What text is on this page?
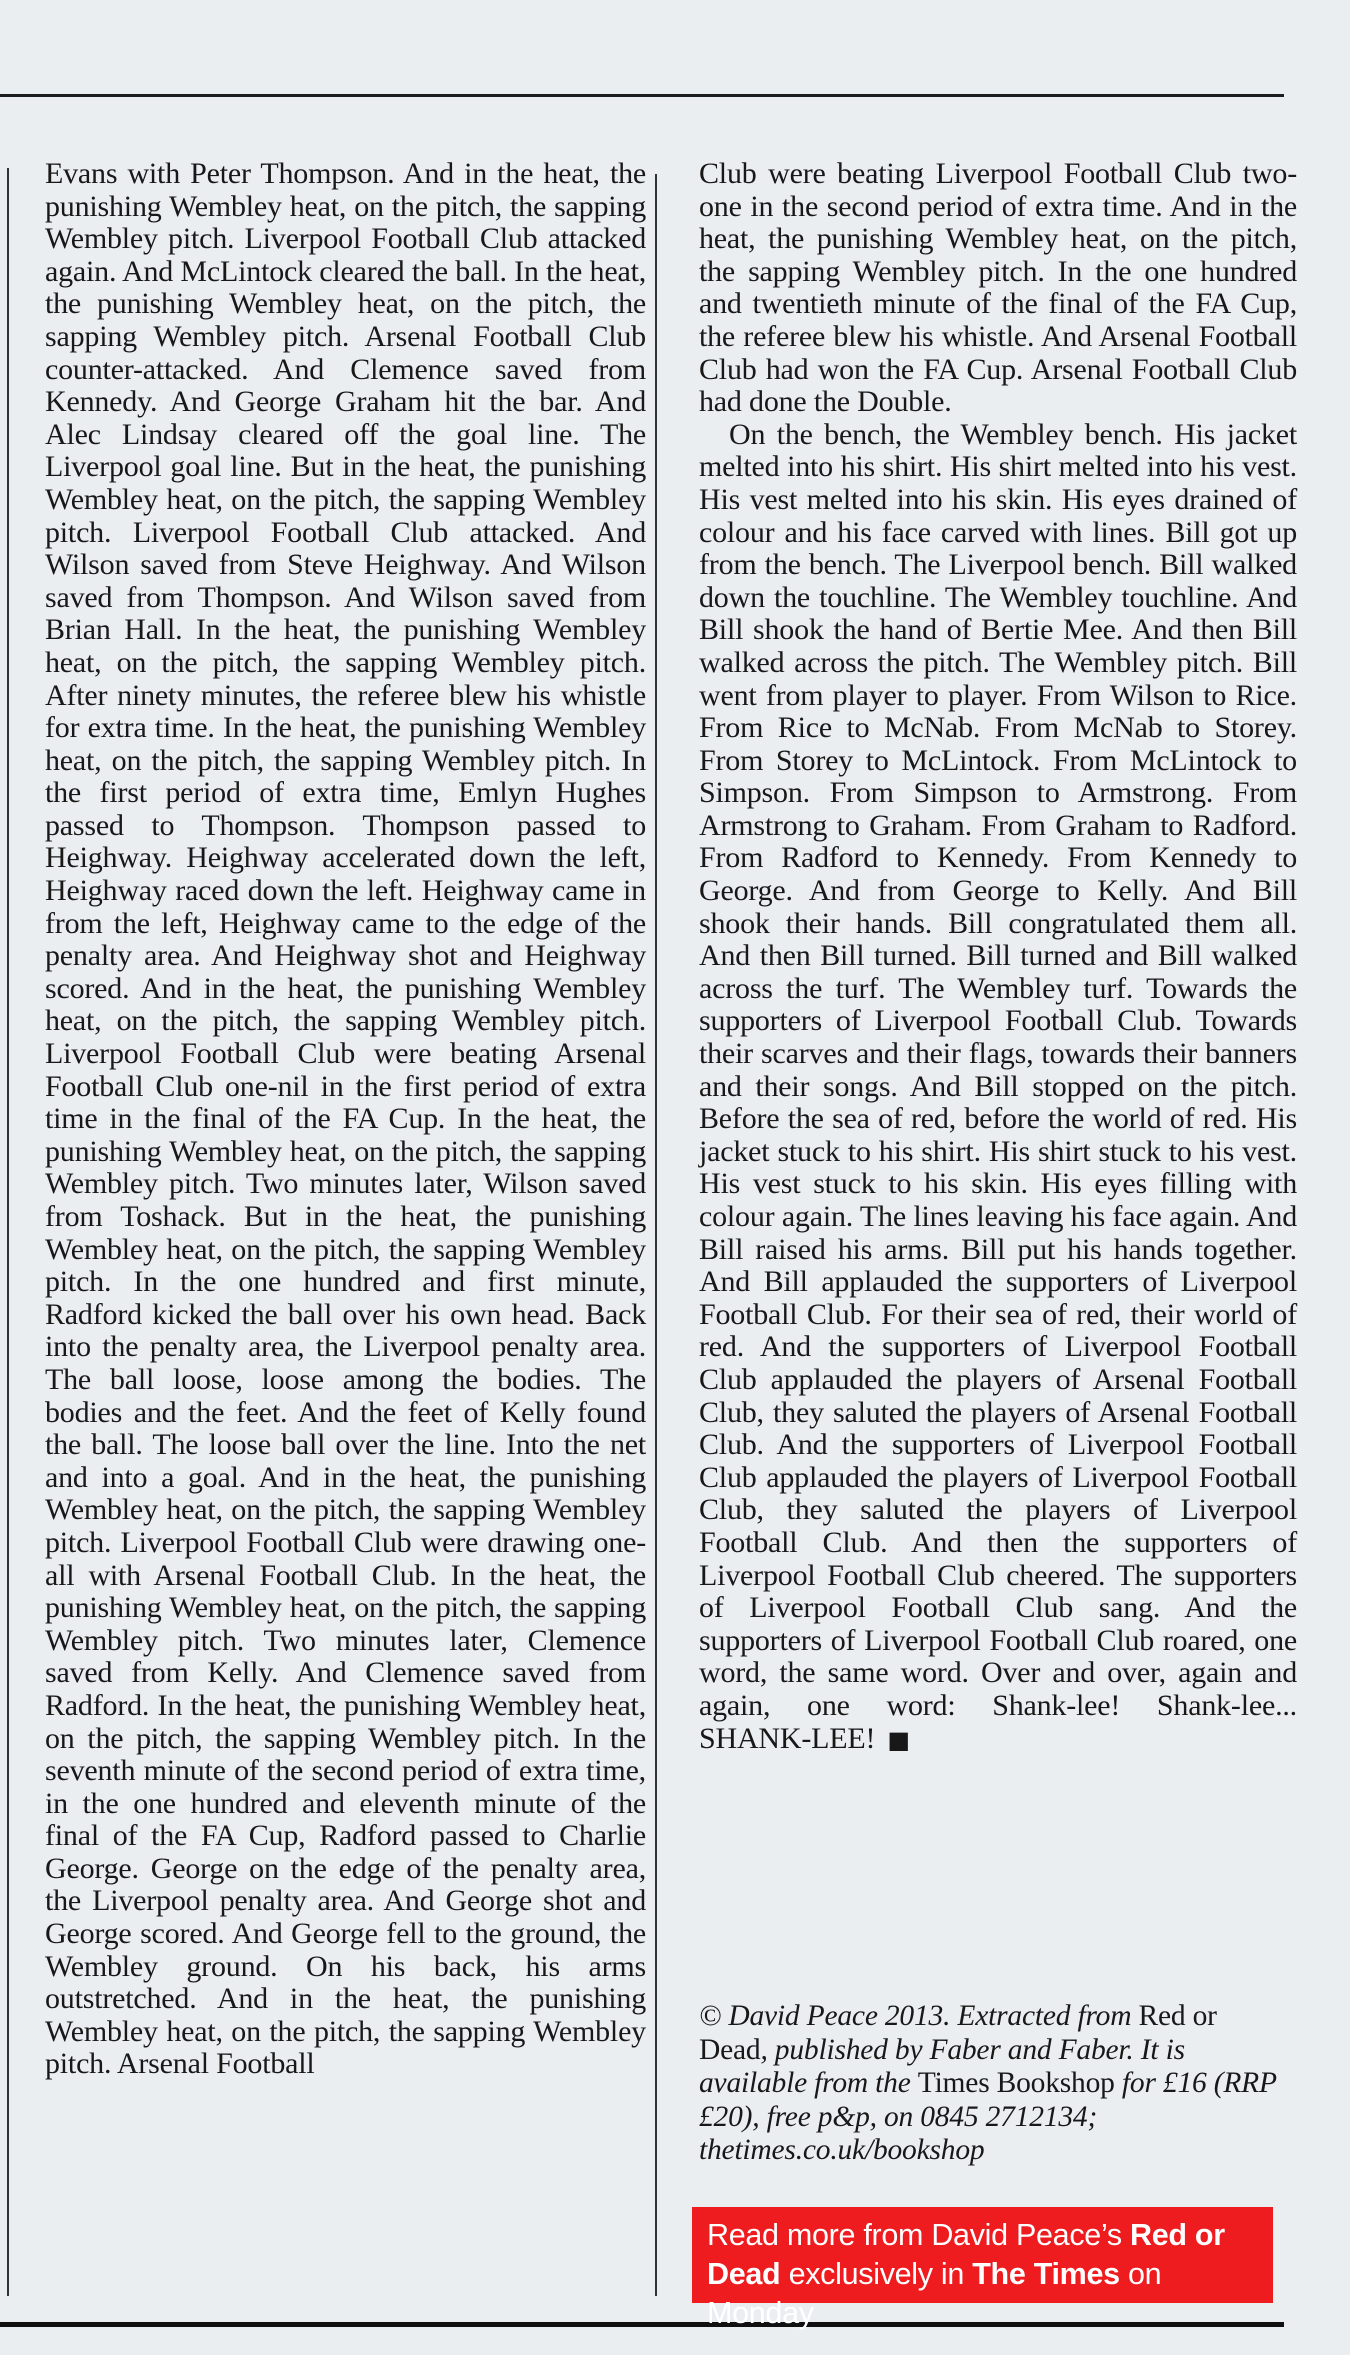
Evans with Peter Thompson. And in the heat, the punishing Wembley heat, on the pitch, the sapping Wembley pitch. Liverpool Football Club attacked again. And McLintock cleared the ball. In the heat, the punishing Wembley heat, on the pitch, the sapping Wembley pitch. Arsenal Football Club counter-attacked. And Clemence saved from Kennedy. And George Graham hit the bar. And Alec Lindsay cleared off the goal line. The Liverpool goal line. But in the heat, the punishing Wembley heat, on the pitch, the sapping Wembley pitch. Liverpool Football Club attacked. And Wilson saved from Steve Heighway. And Wilson saved from Thompson. And Wilson saved from Brian Hall. In the heat, the punishing Wembley heat, on the pitch, the sapping Wembley pitch. After ninety minutes, the referee blew his whistle for extra time. In the heat, the punishing Wembley heat, on the pitch, the sapping Wembley pitch. In the first period of extra time, Emlyn Hughes passed to Thompson. Thompson passed to Heighway. Heighway accelerated down the left, Heighway raced down the left. Heighway came in from the left, Heighway came to the edge of the penalty area. And Heighway shot and Heighway scored. And in the heat, the punishing Wembley heat, on the pitch, the sapping Wembley pitch. Liverpool Football Club were beating Arsenal Football Club one-nil in the first period of extra time in the final of the FA Cup. In the heat, the punishing Wembley heat, on the pitch, the sapping Wembley pitch. Two minutes later, Wilson saved from Toshack. But in the heat, the punishing Wembley heat, on the pitch, the sapping Wembley pitch. In the one hundred and first minute, Radford kicked the ball over his own head. Back into the penalty area, the Liverpool penalty area. The ball loose, loose among the bodies. The bodies and the feet. And the feet of Kelly found the ball. The loose ball over the line. Into the net and into a goal. And in the heat, the punishing Wembley heat, on the pitch, the sapping Wembley pitch. Liverpool Football Club were drawing one-all with Arsenal Football Club. In the heat, the punishing Wembley heat, on the pitch, the sapping Wembley pitch. Two minutes later, Clemence saved from Kelly. And Clemence saved from Radford. In the heat, the punishing Wembley heat, on the pitch, the sapping Wembley pitch. In the seventh minute of the second period of extra time, in the one hundred and eleventh minute of the final of the FA Cup, Radford passed to Charlie George. George on the edge of the penalty area, the Liverpool penalty area. And George shot and George scored. And George fell to the ground, the Wembley ground. On his back, his arms outstretched. And in the heat, the punishing Wembley heat, on the pitch, the sapping Wembley pitch. Arsenal Football

Club were beating Liverpool Football Club two-one in the second period of extra time. And in the heat, the punishing Wembley heat, on the pitch, the sapping Wembley pitch. In the one hundred and twentieth minute of the final of the FA Cup, the referee blew his whistle. And Arsenal Football Club had won the FA Cup. Arsenal Football Club had done the Double.

On the bench, the Wembley bench. His jacket melted into his shirt. His shirt melted into his vest. His vest melted into his skin. His eyes drained of colour and his face carved with lines. Bill got up from the bench. The Liverpool bench. Bill walked down the touchline. The Wembley touchline. And Bill shook the hand of Bertie Mee. And then Bill walked across the pitch. The Wembley pitch. Bill went from player to player. From Wilson to Rice. From Rice to McNab. From McNab to Storey. From Storey to McLintock. From McLintock to Simpson. From Simpson to Armstrong. From Armstrong to Graham. From Graham to Radford. From Radford to Kennedy. From Kennedy to George. And from George to Kelly. And Bill shook their hands. Bill congratulated them all. And then Bill turned. Bill turned and Bill walked across the turf. The Wembley turf. Towards the supporters of Liverpool Football Club. Towards their scarves and their flags, towards their banners and their songs. And Bill stopped on the pitch. Before the sea of red, before the world of red. His jacket stuck to his shirt. His shirt stuck to his vest. His vest stuck to his skin. His eyes filling with colour again. The lines leaving his face again. And Bill raised his arms. Bill put his hands together. And Bill applauded the supporters of Liverpool Football Club. For their sea of red, their world of red. And the supporters of Liverpool Football Club applauded the players of Arsenal Football Club, they saluted the players of Arsenal Football Club. And the supporters of Liverpool Football Club applauded the players of Liverpool Football Club, they saluted the players of Liverpool Football Club. And then the supporters of Liverpool Football Club cheered. The supporters of Liverpool Football Club sang. And the supporters of Liverpool Football Club roared, one word, the same word. Over and over, again and again, one word: Shank-lee! Shank-lee... SHANK-LEE! ■

© David Peace 2013. Extracted from Red or Dead, published by Faber and Faber. It is available from the Times Bookshop for £16 (RRP £20), free p&p, on 0845 2712134; thetimes.co.uk/bookshop
Read more from David Peace’s Red or Dead exclusively in The Times on Monday
